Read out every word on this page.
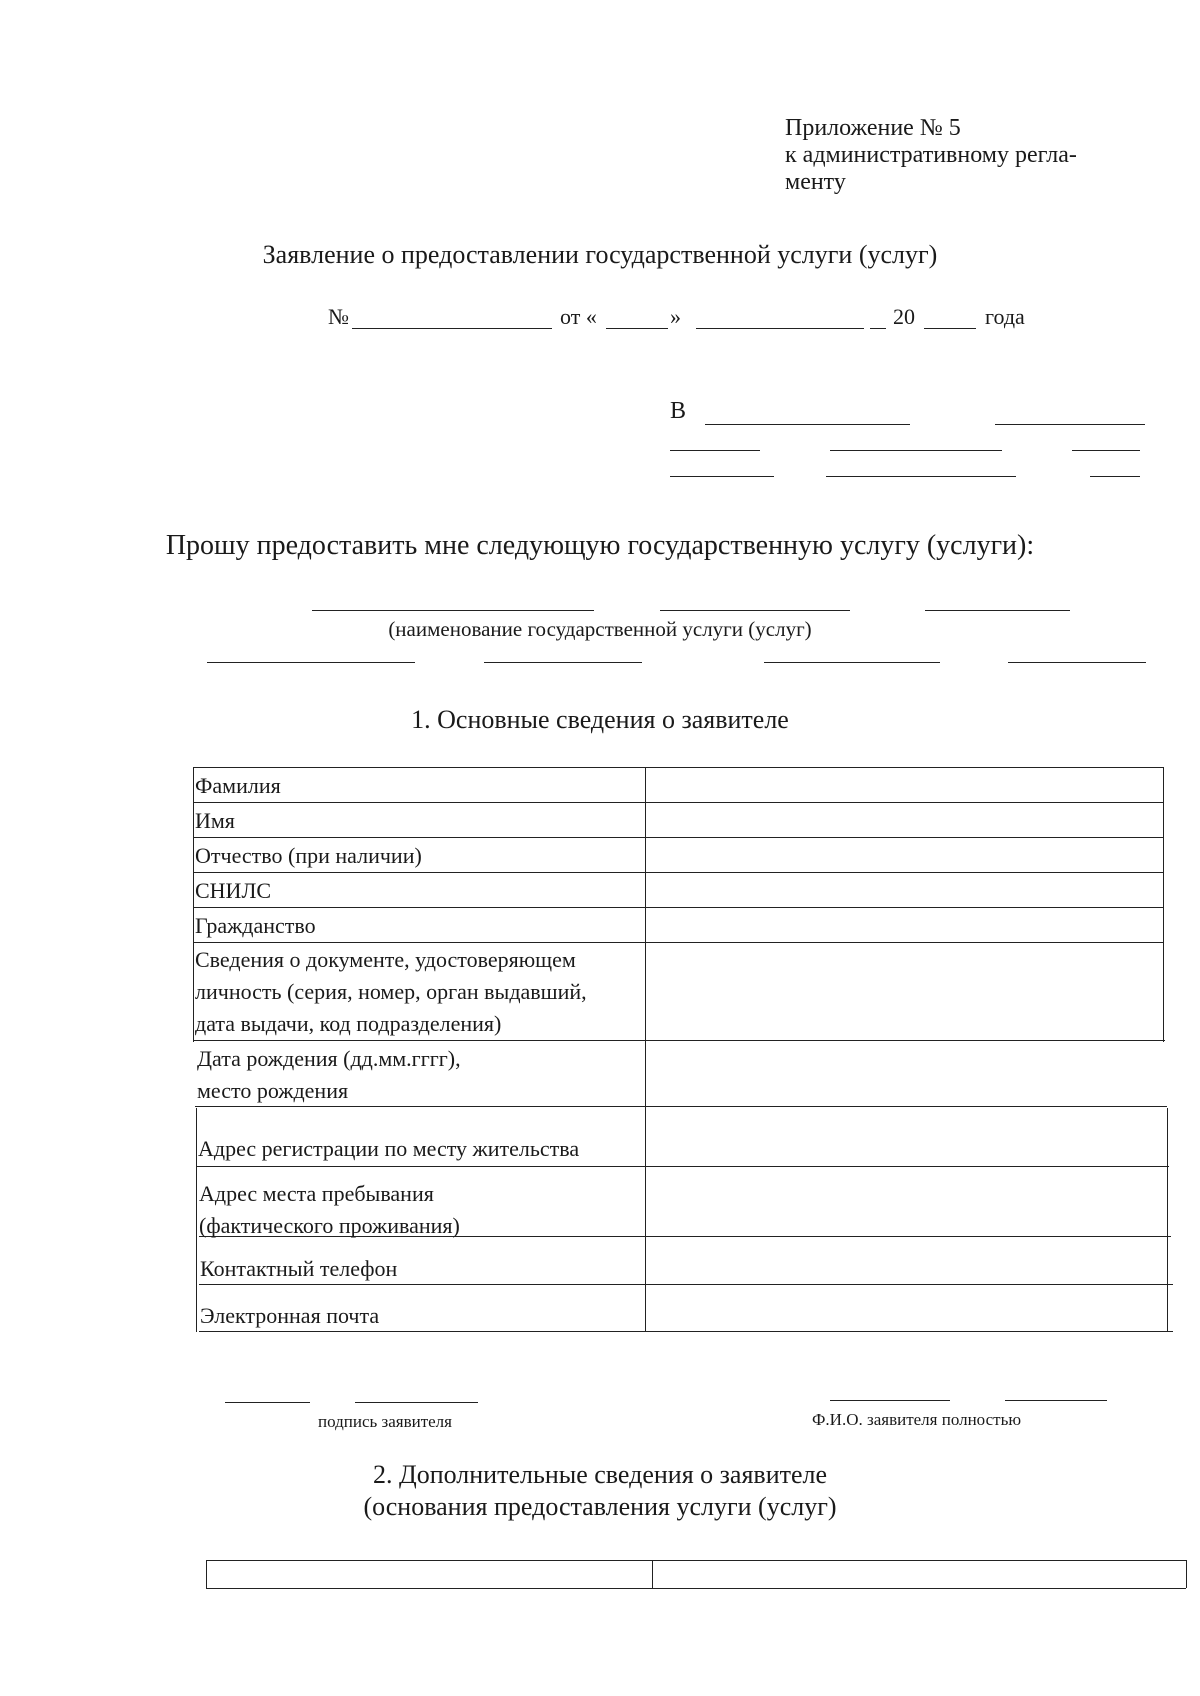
Приложение № 5
к административному регла-
менту
Заявление о предоставлении государственной услуги (услуг)
№	от «	»	20	года
В
Прошу предоставить мне следующую государственную услугу (услуги):
(наименование государственной услуги (услуг)
1. Основные сведения о заявителе
Фамилия
Имя
Отчество (при наличии)
СНИЛС
Гражданство
Сведения о документе, удостоверяющем
личность (серия, номер, орган выдавший,
дата выдачи, код подразделения)
Дата рождения (дд.мм.гггг),
место рождения
Адрес регистрации по месту жительства
Адрес места пребывания
(фактического проживания)
Контактный телефон
Электронная почта
подпись заявителя	Ф.И.О. заявителя полностью
2. Дополнительные сведения о заявителе
(основания предоставления услуги (услуг)
